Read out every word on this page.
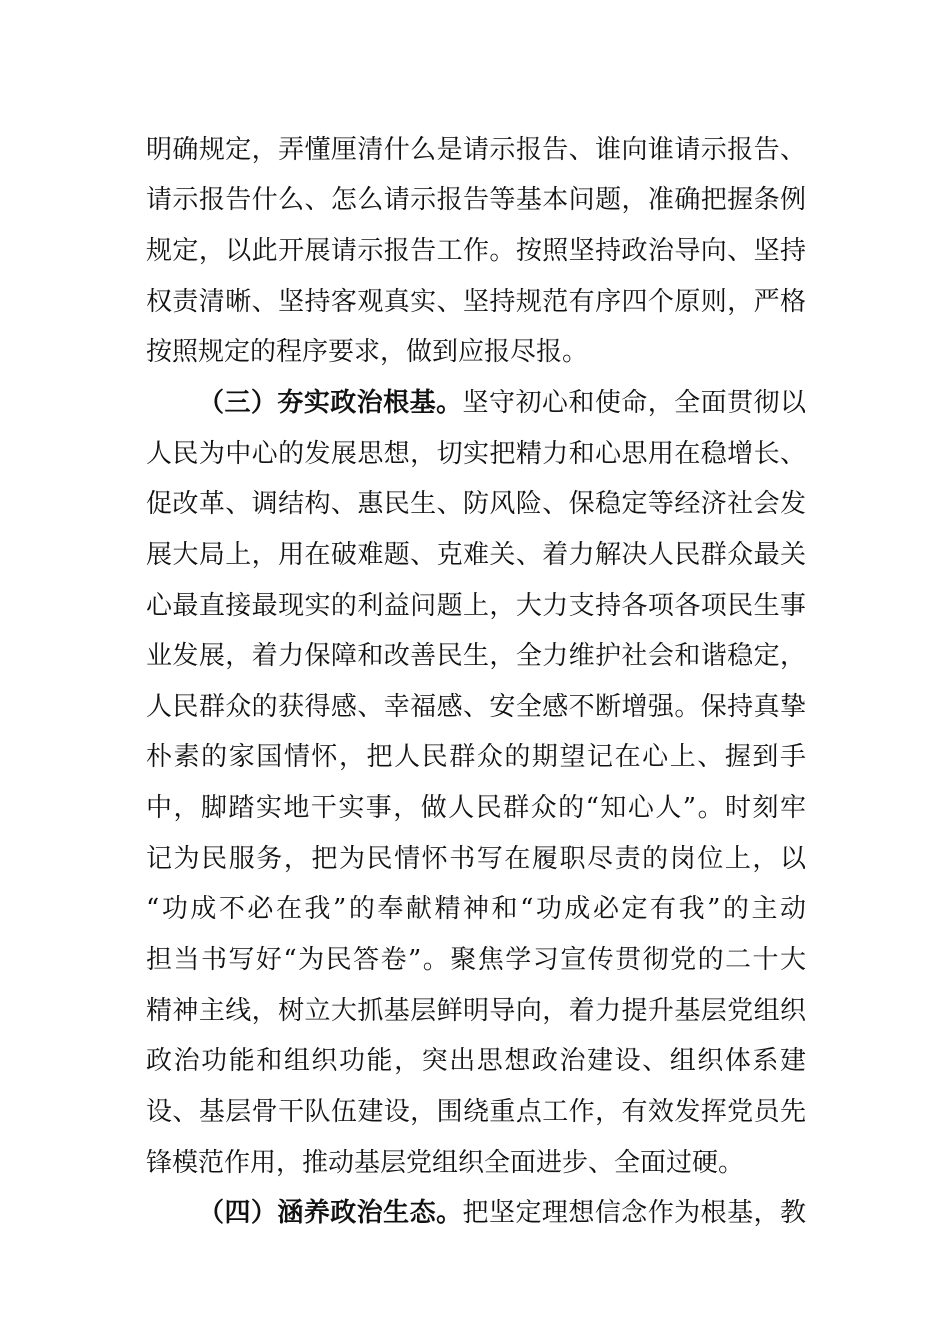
明确规定，弄懂厘清什么是请示报告、谁向谁请示报告、
请示报告什么、怎么请示报告等基本问题，准确把握条例
规定，以此开展请示报告工作。按照坚持政治导向、坚持
权责清晰、坚持客观真实、坚持规范有序四个原则，严格
按照规定的程序要求，做到应报尽报。
（三）夯实政治根基。坚守初心和使命，全面贯彻以
人民为中心的发展思想，切实把精力和心思用在稳增长、
促改革、调结构、惠民生、防风险、保稳定等经济社会发
展大局上，用在破难题、克难关、着力解决人民群众最关
心最直接最现实的利益问题上，大力支持各项各项民生事
业发展，着力保障和改善民生，全力维护社会和谐稳定，
人民群众的获得感、幸福感、安全感不断增强。保持真挚
朴素的家国情怀，把人民群众的期望记在心上、握到手
中，脚踏实地干实事，做人民群众的“知心人”。时刻牢
记为民服务，把为民情怀书写在履职尽责的岗位上，以
“功成不必在我”的奉献精神和“功成必定有我”的主动
担当书写好“为民答卷”。聚焦学习宣传贯彻党的二十大
精神主线，树立大抓基层鲜明导向，着力提升基层党组织
政治功能和组织功能，突出思想政治建设、组织体系建
设、基层骨干队伍建设，围绕重点工作，有效发挥党员先
锋模范作用，推动基层党组织全面进步、全面过硬。
（四）涵养政治生态。把坚定理想信念作为根基，教
